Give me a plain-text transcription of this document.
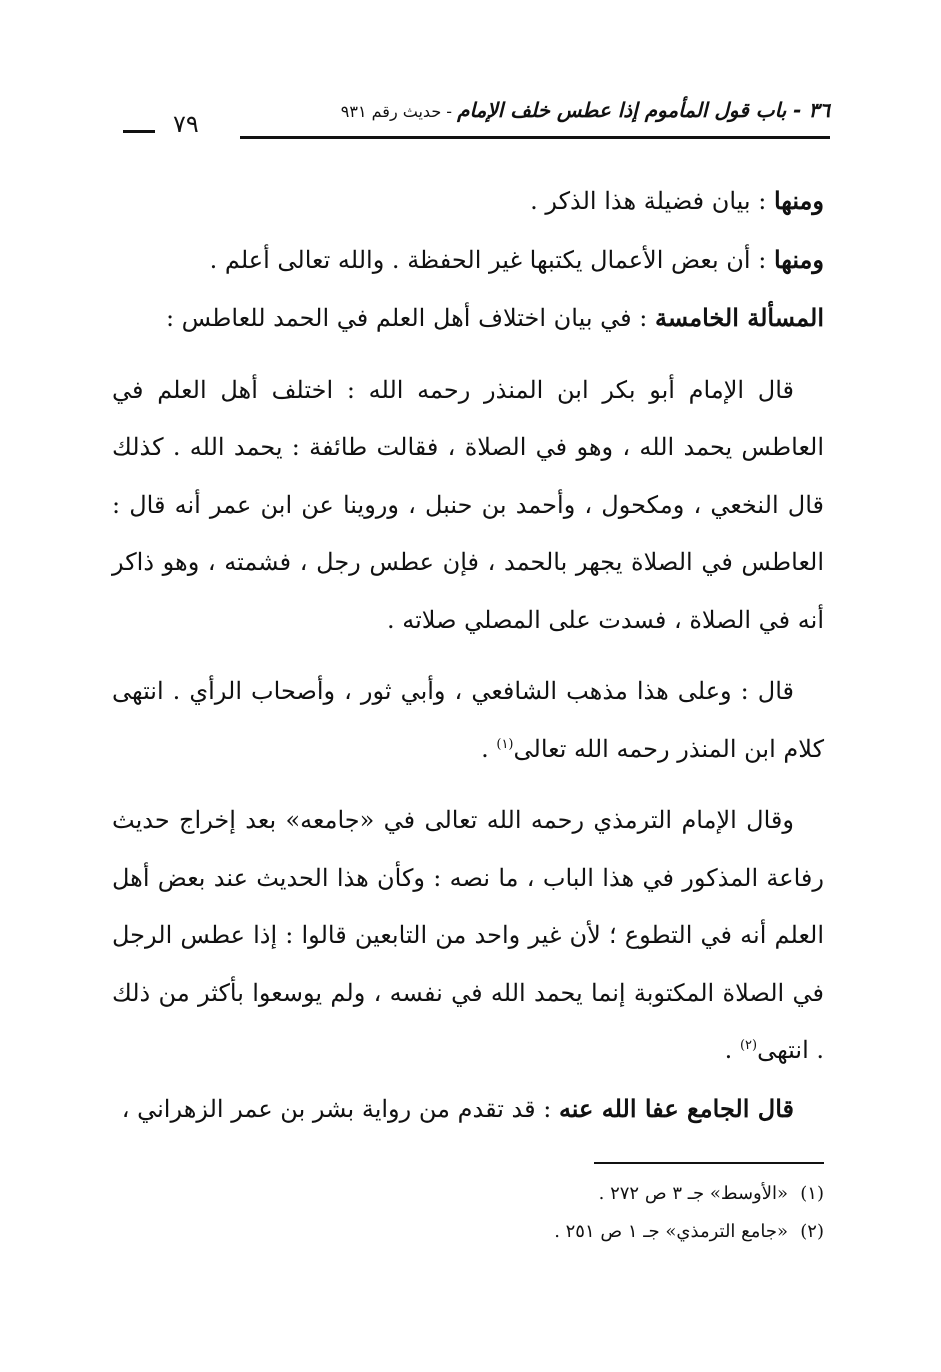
٣٦ - باب قول المأموم إذا عطس خلف الإمام - حديث رقم ٩٣١
٧٩

ومنها : بيان فضيلة هذا الذكر .

ومنها : أن بعض الأعمال يكتبها غير الحفظة . والله تعالى أعلم .

المسألة الخامسة : في بيان اختلاف أهل العلم في الحمد للعاطس :

قال الإمام أبو بكر ابن المنذر رحمه الله : اختلف أهل العلم في العاطس يحمد الله ، وهو في الصلاة ، فقالت طائفة : يحمد الله . كذلك قال النخعي ، ومكحول ، وأحمد بن حنبل ، وروينا عن ابن عمر أنه قال : العاطس في الصلاة يجهر بالحمد ، فإن عطس رجل ، فشمته ، وهو ذاكر أنه في الصلاة ، فسدت على المصلي صلاته .

قال : وعلى هذا مذهب الشافعي ، وأبي ثور ، وأصحاب الرأي . انتهى كلام ابن المنذر رحمه الله تعالى$^{(١)}$ .

وقال الإمام الترمذي رحمه الله تعالى في «جامعه» بعد إخراج حديث رفاعة المذكور في هذا الباب ، ما نصه : وكأن هذا الحديث عند بعض أهل العلم أنه في التطوع ؛ لأن غير واحد من التابعين قالوا : إذا عطس الرجل في الصلاة المكتوبة إنما يحمد الله في نفسه ، ولم يوسعوا بأكثر من ذلك . انتهى$^{(٢)}$ .

قال الجامع عفا الله عنه : قد تقدم من رواية بشر بن عمر الزهراني ،

(١)«الأوسط» جـ ٣ ص ٢٧٢ .
(٢)«جامع الترمذي» جـ ١ ص ٢٥١ .
